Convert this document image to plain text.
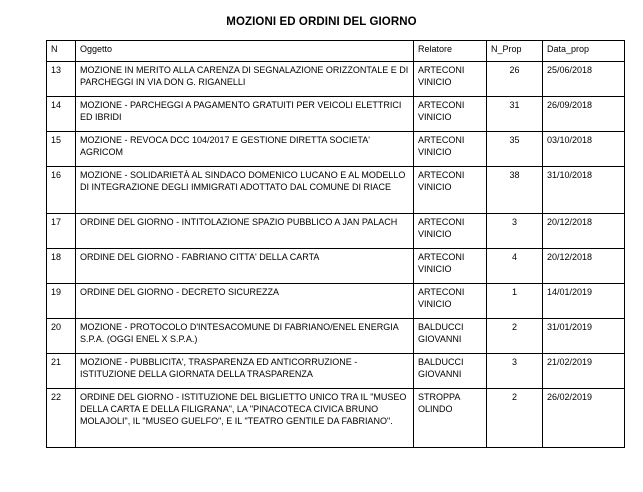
MOZIONI ED ORDINI DEL GIORNO
N	Oggetto	Relatore	N_Prop	Data_prop
13	MOZIONE IN MERITO ALLA CARENZA DI SEGNALAZIONE ORIZZONTALE E DI PARCHEGGI IN VIA DON G. RIGANELLI	ARTECONI VINICIO	26	25/06/2018
14	MOZIONE - PARCHEGGI A PAGAMENTO GRATUITI PER VEICOLI ELETTRICI ED IBRIDI	ARTECONI VINICIO	31	26/09/2018
15	MOZIONE - REVOCA DCC 104/2017 E GESTIONE DIRETTA SOCIETA' AGRICOM	ARTECONI VINICIO	35	03/10/2018
16	MOZIONE - SOLIDARIETÀ AL SINDACO DOMENICO LUCANO E AL MODELLO DI INTEGRAZIONE DEGLI IMMIGRATI ADOTTATO DAL COMUNE DI RIACE	ARTECONI VINICIO	38	31/10/2018
17	ORDINE DEL GIORNO - INTITOLAZIONE SPAZIO PUBBLICO A JAN PALACH	ARTECONI VINICIO	3	20/12/2018
18	ORDINE DEL GIORNO - FABRIANO CITTA' DELLA CARTA	ARTECONI VINICIO	4	20/12/2018
19	ORDINE DEL GIORNO - DECRETO SICUREZZA	ARTECONI VINICIO	1	14/01/2019
20	MOZIONE - PROTOCOLO D'INTESACOMUNE DI FABRIANO/ENEL ENERGIA S.P.A. (OGGI ENEL X S.P.A.)	BALDUCCI GIOVANNI	2	31/01/2019
21	MOZIONE - PUBBLICITA', TRASPARENZA ED ANTICORRUZIONE - ISTITUZIONE DELLA GIORNATA DELLA TRASPARENZA	BALDUCCI GIOVANNI	3	21/02/2019
22	ORDINE DEL GIORNO - ISTITUZIONE DEL BIGLIETTO UNICO TRA IL "MUSEO DELLA CARTA E DELLA FILIGRANA", LA "PINACOTECA CIVICA BRUNO MOLAJOLI", IL "MUSEO GUELFO", E IL "TEATRO GENTILE DA FABRIANO".	STROPPA OLINDO	2	26/02/2019
